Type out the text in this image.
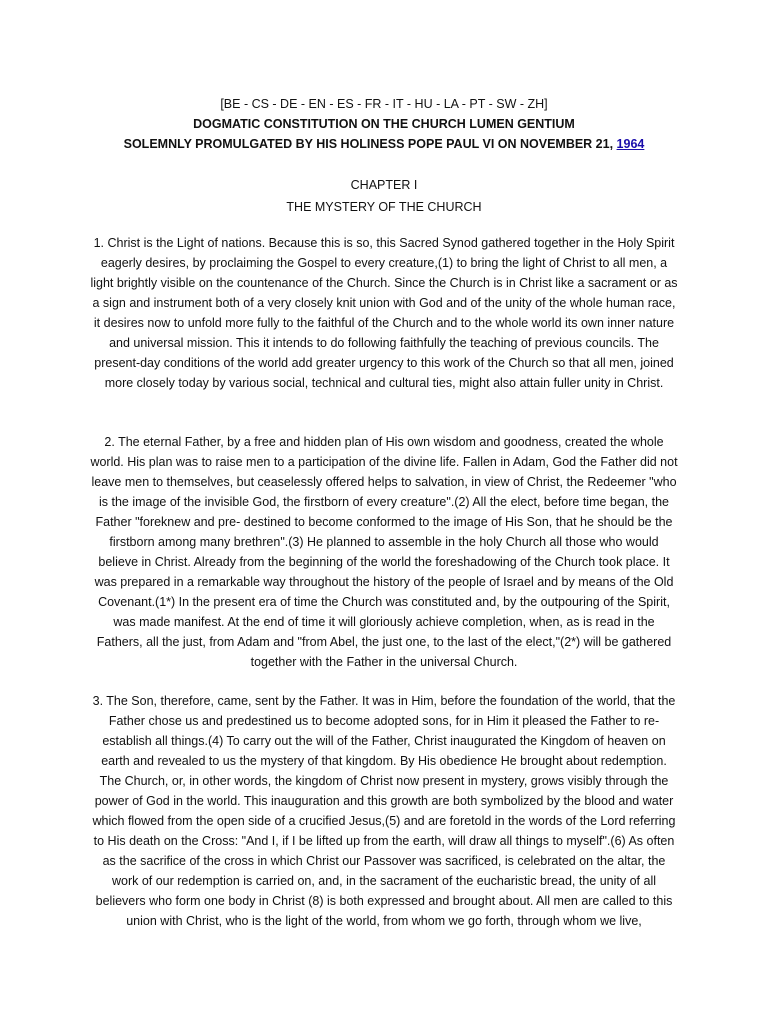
[BE - CS - DE - EN - ES - FR - IT - HU - LA - PT - SW - ZH]
DOGMATIC CONSTITUTION ON THE CHURCH LUMEN GENTIUM
SOLEMNLY PROMULGATED BY HIS HOLINESS POPE PAUL VI ON NOVEMBER 21, 1964
CHAPTER I
THE MYSTERY OF THE CHURCH

1. Christ is the Light of nations. Because this is so, this Sacred Synod gathered together in the Holy Spirit eagerly desires, by proclaiming the Gospel to every creature,(1) to bring the light of Christ to all men, a light brightly visible on the countenance of the Church. Since the Church is in Christ like a sacrament or as a sign and instrument both of a very closely knit union with God and of the unity of the whole human race, it desires now to unfold more fully to the faithful of the Church and to the whole world its own inner nature and universal mission. This it intends to do following faithfully the teaching of previous councils. The present-day conditions of the world add greater urgency to this work of the Church so that all men, joined more closely today by various social, technical and cultural ties, might also attain fuller unity in Christ.

2. The eternal Father, by a free and hidden plan of His own wisdom and goodness, created the whole world. His plan was to raise men to a participation of the divine life. Fallen in Adam, God the Father did not leave men to themselves, but ceaselessly offered helps to salvation, in view of Christ, the Redeemer "who is the image of the invisible God, the firstborn of every creature".(2) All the elect, before time began, the Father "foreknew and pre- destined to become conformed to the image of His Son, that he should be the firstborn among many brethren".(3) He planned to assemble in the holy Church all those who would believe in Christ. Already from the beginning of the world the foreshadowing of the Church took place. It was prepared in a remarkable way throughout the history of the people of Israel and by means of the Old Covenant.(1*) In the present era of time the Church was constituted and, by the outpouring of the Spirit, was made manifest. At the end of time it will gloriously achieve completion, when, as is read in the Fathers, all the just, from Adam and "from Abel, the just one, to the last of the elect,"(2*) will be gathered together with the Father in the universal Church.

3. The Son, therefore, came, sent by the Father. It was in Him, before the foundation of the world, that the Father chose us and predestined us to become adopted sons, for in Him it pleased the Father to re-establish all things.(4) To carry out the will of the Father, Christ inaugurated the Kingdom of heaven on earth and revealed to us the mystery of that kingdom. By His obedience He brought about redemption. The Church, or, in other words, the kingdom of Christ now present in mystery, grows visibly through the power of God in the world. This inauguration and this growth are both symbolized by the blood and water which flowed from the open side of a crucified Jesus,(5) and are foretold in the words of the Lord referring to His death on the Cross: "And I, if I be lifted up from the earth, will draw all things to myself".(6) As often as the sacrifice of the cross in which Christ our Passover was sacrificed, is celebrated on the altar, the work of our redemption is carried on, and, in the sacrament of the eucharistic bread, the unity of all believers who form one body in Christ (8) is both expressed and brought about. All men are called to this union with Christ, who is the light of the world, from whom we go forth, through whom we live,
